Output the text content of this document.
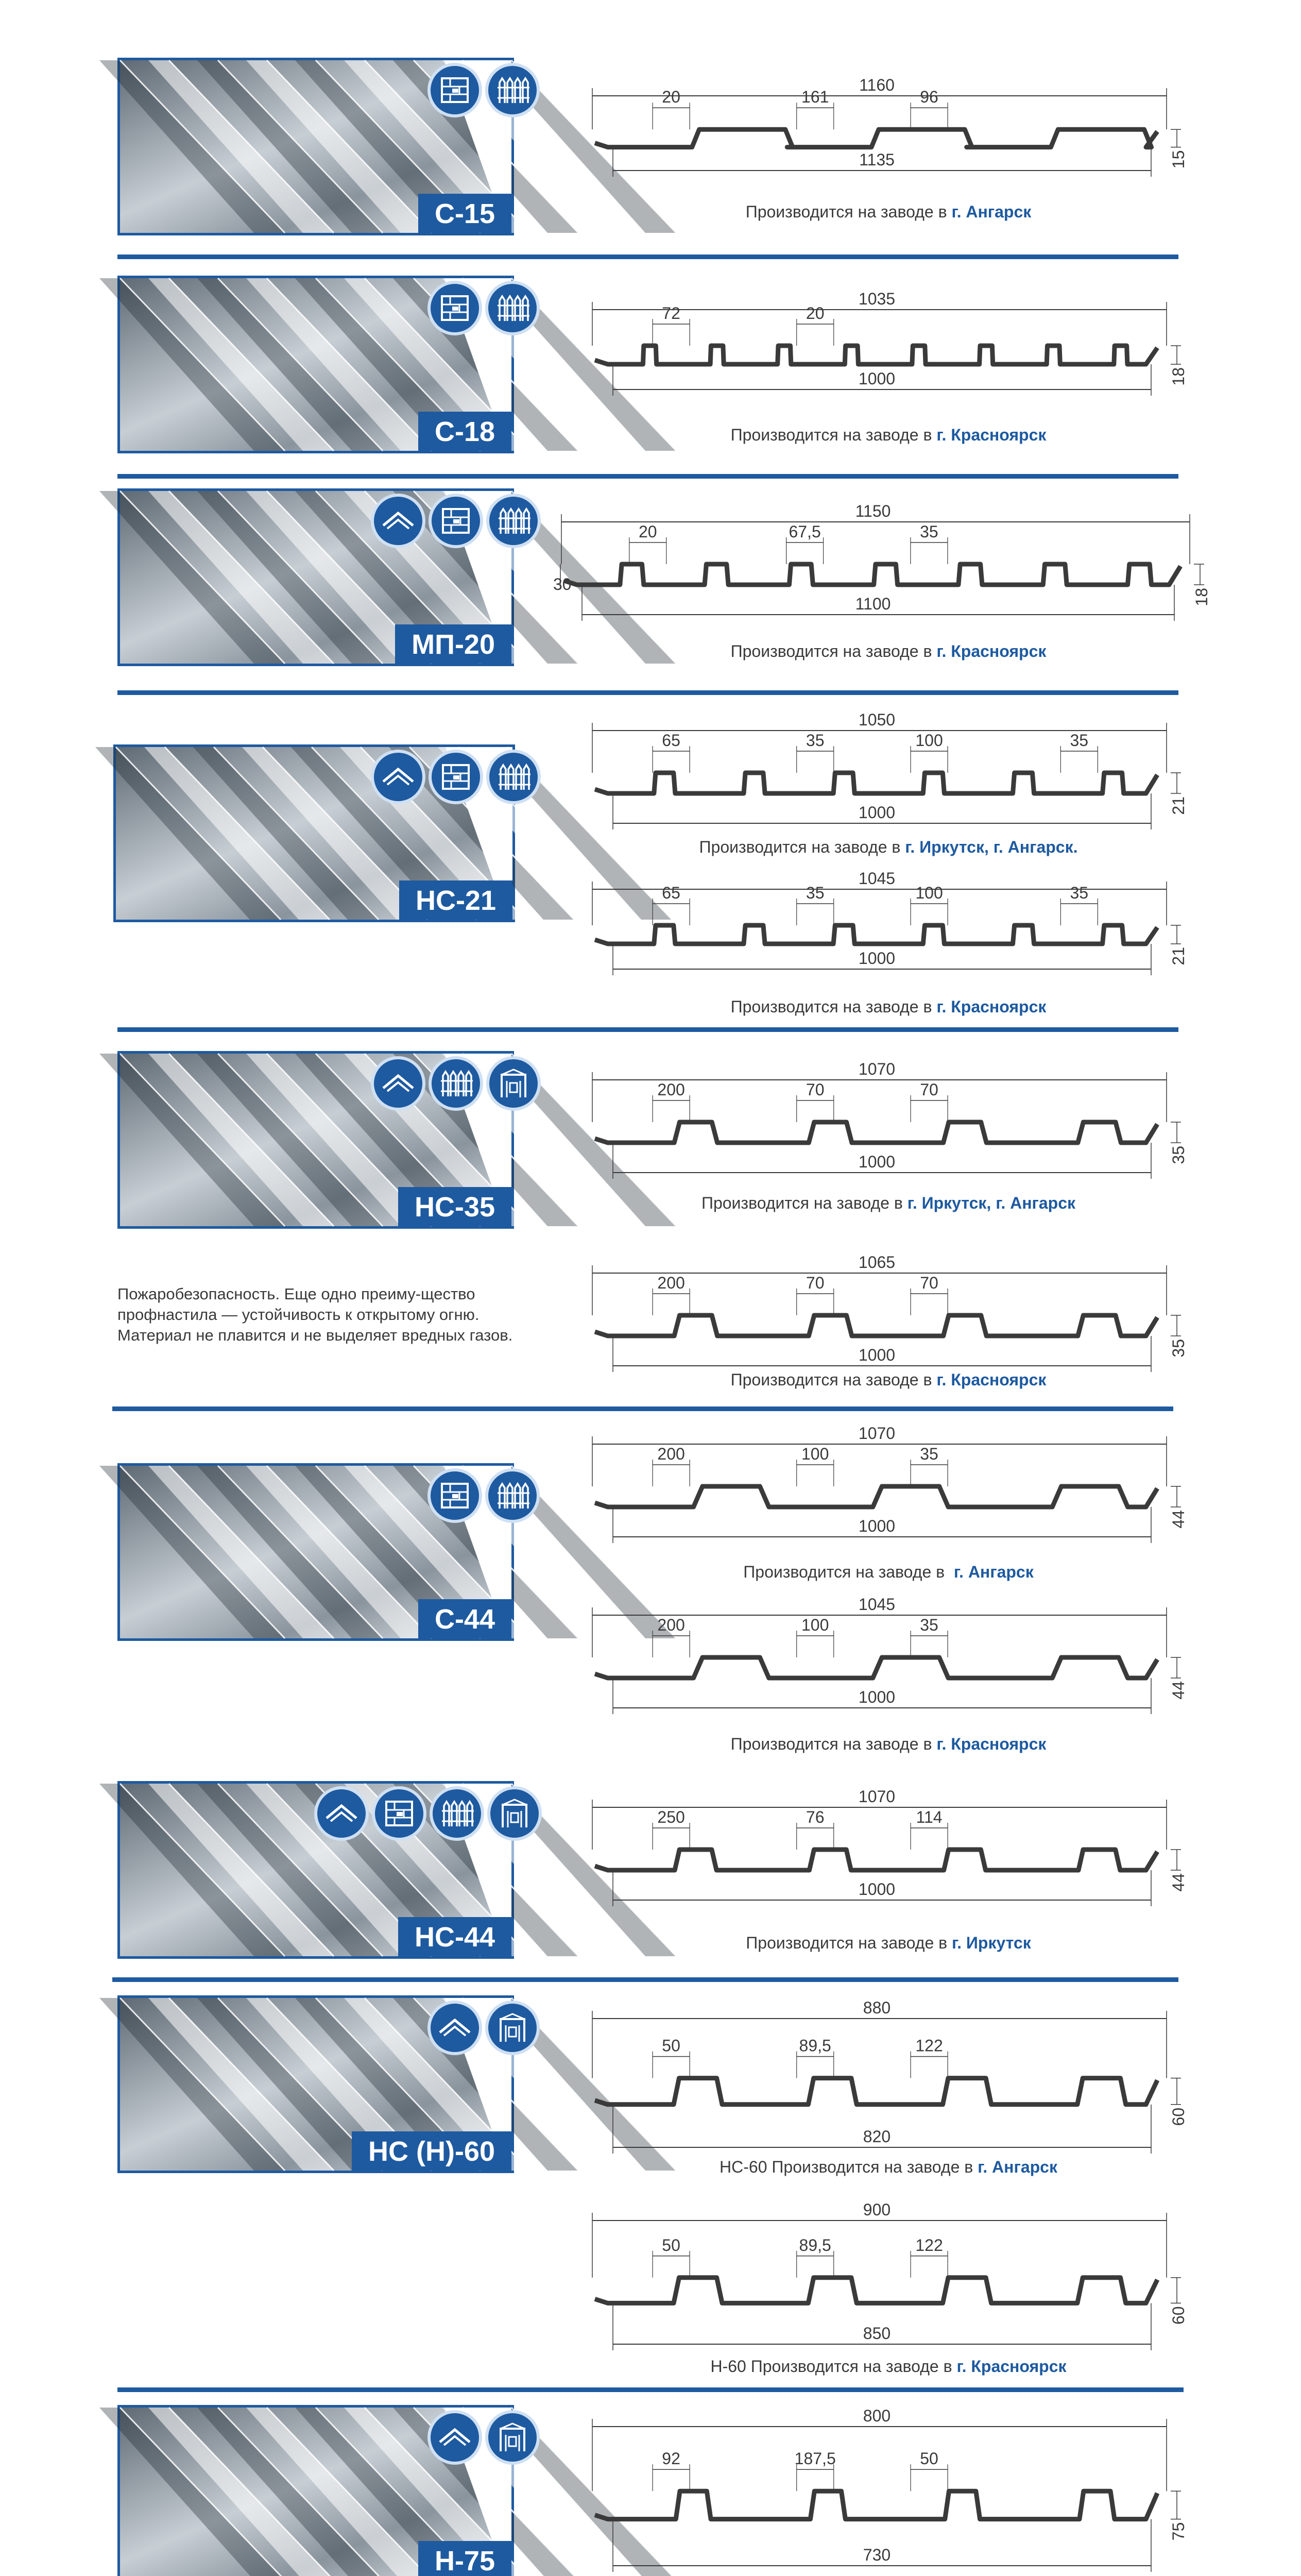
С-15
1160
1135
20	161	96
15
Производится на заводе в г. Ангарск
С-18
1035
1000
72	20
18
Производится на заводе в г. Красноярск
МП-20
1150
1100
20	67,5	35
18
30
Производится на заводе в г. Красноярск
НС-21
1050
1000
65	35	100	35
21
Производится на заводе в г. Иркутск, г. Ангарск.
1045
1000
65	35	100	35
21
Производится на заводе в г. Красноярск
НС-35
1070
1000
200	70	70
35
Производится на заводе в г. Иркутск, г. Ангарск
1065
1000
200	70	70
35
Производится на заводе в г. Красноярск
С-44
1070
1000
200	100	35
44
Производится на заводе в  г. Ангарск
1045
1000
200	100	35
44
Производится на заводе в г. Красноярск
НС-44
1070
1000
250	76	114
44
Производится на заводе в г. Иркутск
НС (Н)-60
880
820
50	89,5	122
60
НС-60 Производится на заводе в г. Ангарск
900
850
50	89,5	122
60
Н-60 Производится на заводе в г. Красноярск
Н-75
800
730
92	187,5	50
75
Пожаробезопасность. Еще одно преиму-щество профнастила — устойчивость к открытому огню. Материал не плавится и не выделяет вредных газов.
